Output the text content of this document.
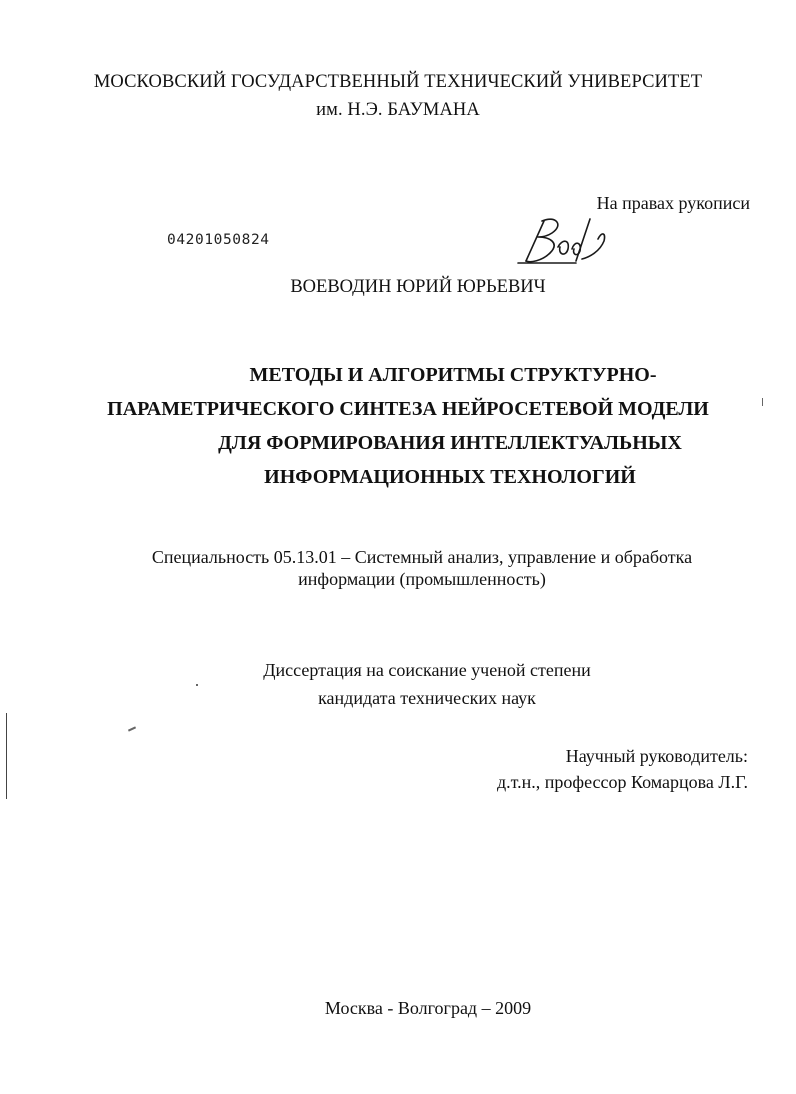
МОСКОВСКИЙ ГОСУДАРСТВЕННЫЙ ТЕХНИЧЕСКИЙ УНИВЕРСИТЕТ
им. Н.Э. БАУМАНА
На правах рукописи
04201050824
ВОЕВОДИН ЮРИЙ ЮРЬЕВИЧ
МЕТОДЫ И АЛГОРИТМЫ СТРУКТУРНО-
ПАРАМЕТРИЧЕСКОГО СИНТЕЗА НЕЙРОСЕТЕВОЙ МОДЕЛИ
ДЛЯ ФОРМИРОВАНИЯ ИНТЕЛЛЕКТУАЛЬНЫХ
ИНФОРМАЦИОННЫХ ТЕХНОЛОГИЙ
Специальность 05.13.01 – Системный анализ, управление и обработка
информации (промышленность)
Диссертация на соискание ученой степени
кандидата технических наук
Научный руководитель:
д.т.н., профессор Комарцова Л.Г.
Москва - Волгоград – 2009
